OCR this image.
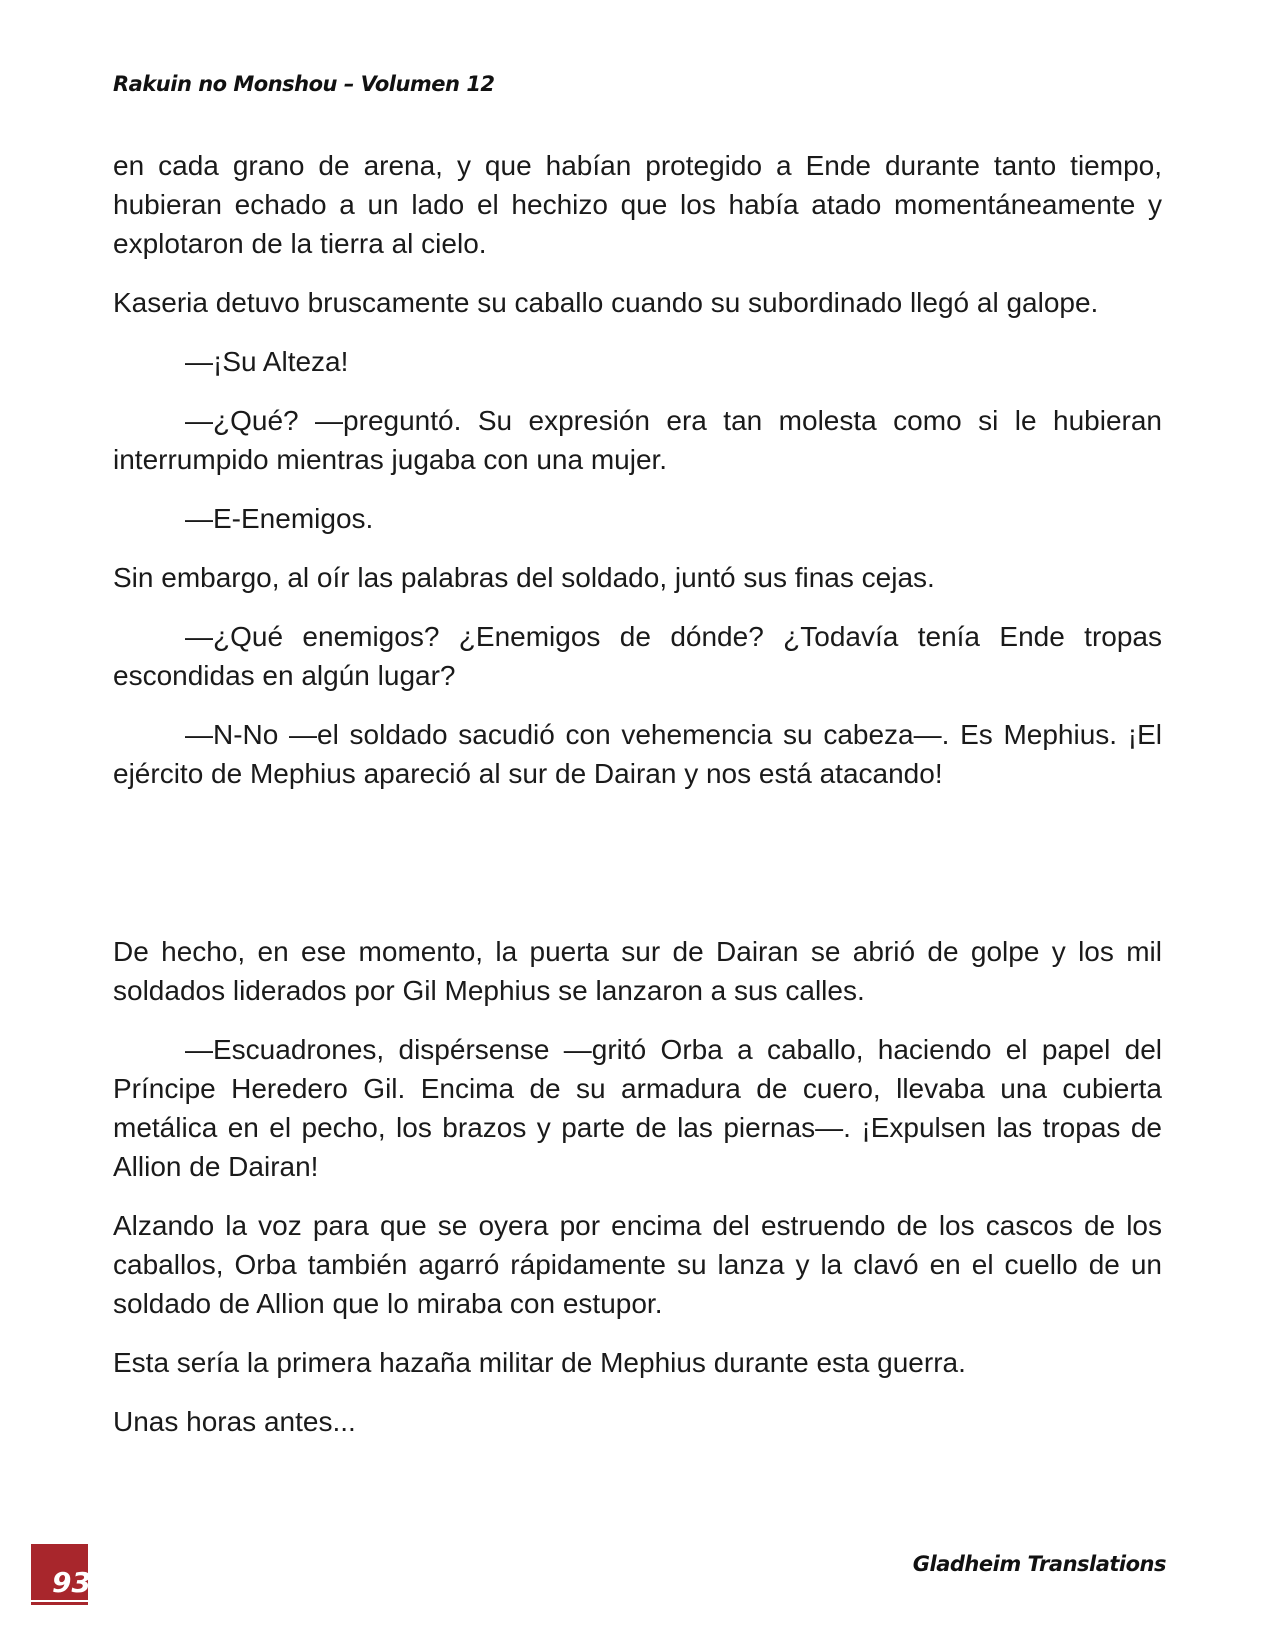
Rakuin no Monshou – Volumen 12

en cada grano de arena, y que habían protegido a Ende durante tanto tiempo, hubieran echado a un lado el hechizo que los había atado momentáneamente y explotaron de la tierra al cielo.

Kaseria detuvo bruscamente su caballo cuando su subordinado llegó al galope.

—¡Su Alteza!

—¿Qué? —preguntó. Su expresión era tan molesta como si le hubieran interrumpido mientras jugaba con una mujer.

—E-Enemigos.

Sin embargo, al oír las palabras del soldado, juntó sus finas cejas.

—¿Qué enemigos? ¿Enemigos de dónde? ¿Todavía tenía Ende tropas escondidas en algún lugar?

—N-No —el soldado sacudió con vehemencia su cabeza—. Es Mephius. ¡El ejército de Mephius apareció al sur de Dairan y nos está atacando!

De hecho, en ese momento, la puerta sur de Dairan se abrió de golpe y los mil soldados liderados por Gil Mephius se lanzaron a sus calles.

—Escuadrones, dispérsense —gritó Orba a caballo, haciendo el papel del Príncipe Heredero Gil. Encima de su armadura de cuero, llevaba una cubierta metálica en el pecho, los brazos y parte de las piernas—. ¡Expulsen las tropas de Allion de Dairan!

Alzando la voz para que se oyera por encima del estruendo de los cascos de los caballos, Orba también agarró rápidamente su lanza y la clavó en el cuello de un soldado de Allion que lo miraba con estupor.

Esta sería la primera hazaña militar de Mephius durante esta guerra.

Unas horas antes...

93
Gladheim Translations
